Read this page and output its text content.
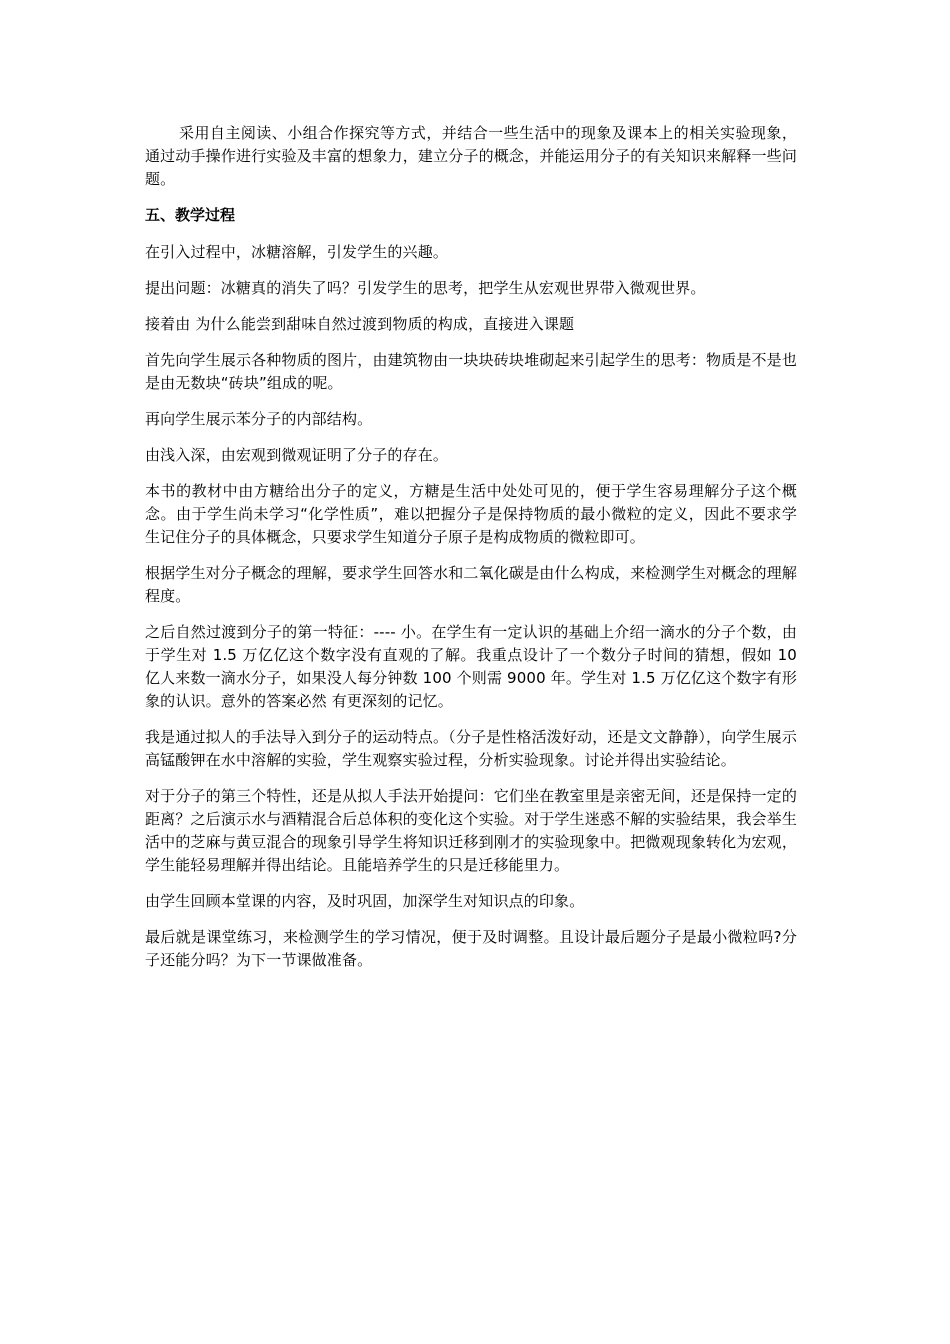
采用自主阅读、小组合作探究等方式，并结合一些生活中的现象及课本上的相关实验现象，通过动手操作进行实验及丰富的想象力，建立分子的概念，并能运用分子的有关知识来解释一些问题。

五、教学过程

在引入过程中，冰糖溶解，引发学生的兴趣。

提出问题：冰糖真的消失了吗？引发学生的思考，把学生从宏观世界带入微观世界。

接着由 为什么能尝到甜味自然过渡到物质的构成，直接进入课题

首先向学生展示各种物质的图片，由建筑物由一块块砖块堆砌起来引起学生的思考：物质是不是也是由无数块“砖块”组成的呢。

再向学生展示苯分子的内部结构。

由浅入深，由宏观到微观证明了分子的存在。

本书的教材中由方糖给出分子的定义，方糖是生活中处处可见的，便于学生容易理解分子这个概念。由于学生尚未学习“化学性质”，难以把握分子是保持物质的最小微粒的定义，因此不要求学生记住分子的具体概念，只要求学生知道分子原子是构成物质的微粒即可。

根据学生对分子概念的理解，要求学生回答水和二氧化碳是由什么构成，来检测学生对概念的理解程度。

之后自然过渡到分子的第一特征：---- 小。在学生有一定认识的基础上介绍一滴水的分子个数，由于学生对 1.5 万亿亿这个数字没有直观的了解。我重点设计了一个数分子时间的猜想，假如 10 亿人来数一滴水分子，如果没人每分钟数 100 个则需 9000 年。学生对 1.5 万亿亿这个数字有形象的认识。意外的答案必然 有更深刻的记忆。

我是通过拟人的手法导入到分子的运动特点。（分子是性格活泼好动，还是文文静静），向学生展示高锰酸钾在水中溶解的实验，学生观察实验过程，分析实验现象。讨论并得出实验结论。

对于分子的第三个特性，还是从拟人手法开始提问：它们坐在教室里是亲密无间，还是保持一定的距离？之后演示水与酒精混合后总体积的变化这个实验。对于学生迷惑不解的实验结果，我会举生活中的芝麻与黄豆混合的现象引导学生将知识迁移到刚才的实验现象中。把微观现象转化为宏观，学生能轻易理解并得出结论。且能培养学生的只是迁移能里力。

由学生回顾本堂课的内容，及时巩固，加深学生对知识点的印象。

最后就是课堂练习，来检测学生的学习情况，便于及时调整。且设计最后题分子是最小微粒吗?分子还能分吗？为下一节课做准备。
